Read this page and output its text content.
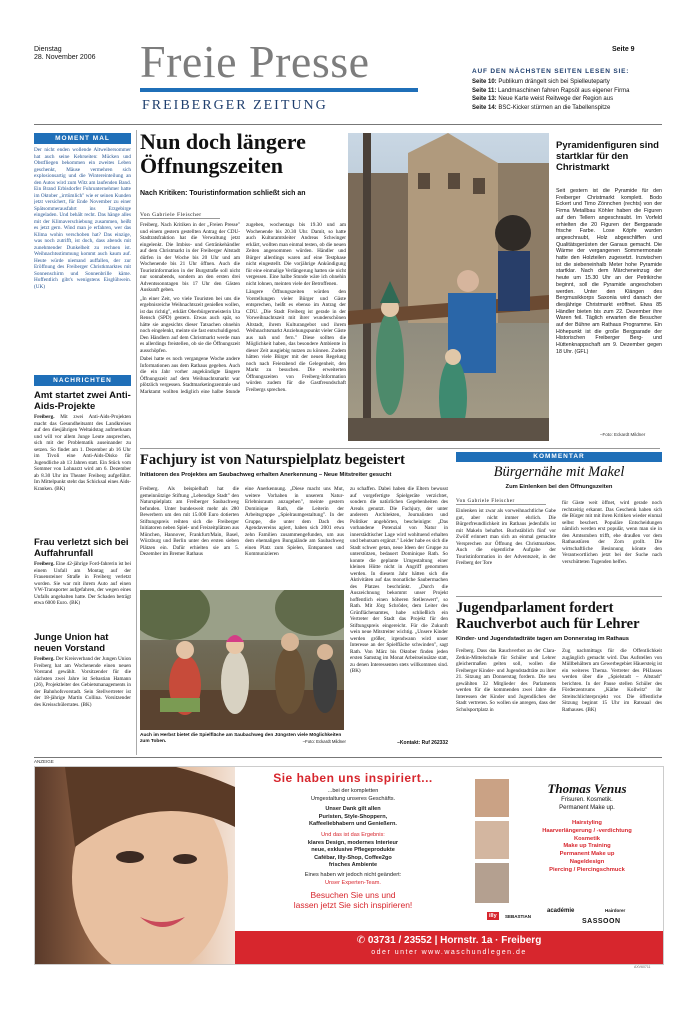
Dienstag
28. November 2006 Freie Presse
FREIBERGER ZEITUNG
Seite 9
AUF DEN NÄCHSTEN SEITEN LESEN SIE:
Seite 10: Publikum drängelt sich bei Spielleuteparty
Seite 11: Landmaschinen fahren Rapsöl aus eigener Firma
Seite 13: Neue Karte weist Reitwege der Region aus
Seite 14: BSC-Kicker stürmen an die Tabellenspitze
MOMENT MAL

Der nicht enden wollende Altweibersommer hat auch seine Kehrseiten: Mücken und Obstfliegen bekommen ein zweites Leben geschenkt, Mäuse vermehren sich explosionsartig und die Wintereinteilung an den Autos wird zum Witz am laufenden Band. Ein Brand Erbisdorfer Fuhrunternehmer hatte im Oktober „irrtümlich" wie er seinen Kunden jetzt versichert, für Ende November zu einer Spätsommerausfahrt ins Erzgebirge eingeladen. Und behält recht. Das hänge alles mit der Klimaverschiebung zusammen, heißt es jetzt gern. Wind man je erfahren, wer das Klima wohin verschoben hat? Das einzige, was noch zutrifft, ist doch, dass abends mit zunehmender Dunkelheit zu rechnen ist. Weihnachtsstimmung kommt auch kaum auf. Heute würde niemand auffallen, der zur Eröffnung des Freiberger Christkmarktes mit Sonnenschirm und Sonnenbrille käme. Hoffentlich gibt's wenigstens Eisglühwein. (UK)

NACHRICHTEN
Amt startet zwei Anti-Aids-Projekte

Freiberg. Mit zwei Anti-Aids-Projekten macht das Gesundheitsamt des Landkreises auf den diesjährigen Weltaidstag aufmerksam und will vor allem Junge Leute ansprechen, sich mit der Problematik auseinander zu setzen. So findet am 1. Dezember ab 16 Uhr im Tivoli eine Anti-Aids-Disko für Jugendliche ab 13 Jahren statt. Ein Stück vom Sommer von Lohnarzt wird am 6. Dezember ab 8.30 Uhr im Theater Freiberg aufgeführt. Im Mittelpunkt steht das Schicksal eines Aids-Kranken. (BK)

Frau verletzt sich bei Auffahrunfall

Freiberg. Eine 42-jährige Ford-fahrerin ist bei einem Unfall am Montag auf der Frauensteiner Straße in Freiberg verletzt worden. Sie war mit ihrem Auto auf einen VW-Transporter aufgefahren, der wegen eines Unfalls angehalten hatte. Der Schaden beträgt etwa 6000 Euro. (BK)

Junge Union hat neuen Vorstand

Freiberg. Der Kreisverband der Jungen Union Freiberg hat am Wochenende einen neuen Vorstand gewählt. Vorsitzender für die nächsten zwei Jahre ist Sebastian Hamann (26), Projektleiter des Gebietsmanagements in der Bahnhofsvorstadt. Sein Stellvertreter ist der 18-jährige Martin Collina. Vorsitzender des Kreisschülerrates. (BK)

Nun doch längere Öffnungszeiten
Nach Kritiken: Touristinformation schließt sich an
Von Gabriele Fleischer

Freiberg. Nach Kritiken in der „Freien Presse" und einem gestern gestellten Antrag der CDU-Stadtratsfraktion hat die Verwaltung jetzt eingelenkt. Die Imbiss- und Getränkehändler auf dem Christmarkt in der Freiberger Altstadt dürfen in der Woche bis 20 Uhr und am Wochenende bis 21 Uhr öffnen. Auch die Touristinformation in der Burgstraße soll nicht nur sonnabends, sondern an den ersten drei Adventssonntagen bis 17 Uhr den Gästen Auskunft geben.

„In einer Zeit, wo viele Touristen bei uns die ergebnisreiche Weihnachtszeit genießen wollen, ist das richtig", erklärt Oberbürgermeisterin Uta Rensch (SPD) gestern. Etwas auch spät, so hätte sie angesichts dieser Tatsachen ohnehin noch eingelenkt, meinte sie fast entschuldigend. Den Händlern auf dem Christmarkt werde man es allerdings freistellen, ob sie die Öffnungszeit ausschöpfen.

Dabei hatte es noch vergangene Woche andere Informationen aus dem Rathaus gegeben. Auch die ein Jahr vorher angekündigte längere Öffnungszeit auf dem Weihnachtsmarkt war plötzlich vergessen. Stadtmarketingzentrale und Marktamt wollten lediglich eine halbe Stunde zugeben, wochentags bis 19.30 und am Wochenende bis 20.30 Uhr. Damit, so hatte auch Kulturamtsleiter Andreas Schwinger erklärt, wollten man einmal testen, ob die neuen Zeiten angenommen würden. Händler und Bürger allerdings waren auf eine Testphase nicht eingestellt. Die vorjährige Ankündigung für eine einmalige Verlängerung hatten sie nicht vergessen. Eine halbe Stunde wäre ich ohnehin nicht lohnen, meinten viele der Betroffenen.

Längere Öffnungszeiten würden den Vorstellungen vieler Bürger und Gäste entsprechen, heißt es ebenso im Antrag der CDU. „Die Stadt Freiberg ist gerade in der Vorweihnachtszeit mit ihrer wunderschönen Altstadt, ihrem Kulturangebot und ihrem Weihnachtsmarkt Anziehungspunkt vieler Gäste aus nah und fern." Diese sollten die Möglichkeit haben, das besondere Ambiente in dieser Zeit ausgiebig nutzen zu können. Zudem hätten viele Bürger mit der neuen Regelung noch nach Feierabend die Gelegenheit, den Markt zu besuchen. Die erweiterten Öffnungszeiten von Freiberg-Information würden zudem für die Gastfreundschaft Freibergs sprechen.

Pyramidenfiguren sind startklar für den Christmarkt

Seit gestern ist die Pyramide für den Freiberger Christmarkt komplett. Bodo Eckert und Timo Zönnchen (rechts) von der Firma Metallbau Köhler haben die Figuren auf den Tellern angeschraubt. Im Vorfeld erhielten die 20 Figuren der Bergparade frische Farbe. Lose Köpfe wurden angeschraubt, Holz abgeschliffen und Qualitätsgerüsten der Garaus gemacht. Die Wärme der vergangenen Sommermonate hatte den Holzteilen zugesetzt. Inzwischen ist die siebeneinhalb Meter hohe Pyramide startklar. Nach dem Märcheneinzug der heute um 15.30 Uhr an der Petrikirche beginnt, soll die Pyramide angeschoben werden. Unter den Klängen des Bergmusikkorps Saxonia wird danach der diesjährige Christmarkt eröffnet. Etwa 85 Händler bieten bis zum 22. Dezember ihre Waren feil. Täglich erwarten die Besucher auf der Bühne am Rathaus Programme. Ein Höhepunkt ist die große Bergparade der Historischen Freiberger Berg- und Hüttenknappschaft am 9. Dezember gegen 18 Uhr. (GFL)

–Foto: Eckardt Mildner
Fachjury ist von Naturspielplatz begeistert
Initiatoren des Projektes am Saubachweg erhalten Anerkennung – Neue Mitstreiter gesucht

Freiberg. Als beispielhaft hat die gemeinnützige Stiftung „Lebendige Stadt" den Naturspielplatz am Freiberger Saubachweg befunden. Unter bundesweit mehr als 280 Bewerbern um den mit 15.000 Euro dotierten Stiftungspreis reihten sich die Freiberger Initiatoren neben Spiel- und Freizeitplätzen aus München, Hannover, Frankfurt/Main, Basel, Würzburg und Berlin unter den ersten sieben Plätzen ein. Dafür erhielten sie am 5. Dezember im Bremer Rathaus

eine Anerkennung. „Diese macht uns Mut, weitere Vorhaben in unserem Natur-Erlebnisraum anzugehen", meinte gestern Dominique Rath, die Leiterin der Arbeitsgruppe „Spielraumgestaltung". In der Gruppe, die unter dem Dach des Agendavereins agiert, haben sich 2001 etwa zehn Familien zusammengefunden, um aus dem ehemaligen Bungalände am Saubachweg einen Platz zum Spielen, Entspannen und Kommunizieren

zu schaffen. Dabei haben die Eltern bewusst auf vorgefertigte Spielgeräte verzichtet, sondern die natürlichen Gegebenheiten des Areals genutzt. Die Fachjury, der unter anderem Architekten, Journalisten und Politiker angehörten, bescheinigte: „Das vorhandene Potenzial von Natur in innerstädtischer Lage wird wohltuend erhalten und behutsam ergänzt." Leider habe es sich die Stadt schwer getan, neue Ideen der Gruppe zu unterstützen, bedauert Dominique Rath. So konnte die geplante Umgestaltung einer kleinen Hütte nicht in Angriff genommen werden. In diesem Jahr hätten sich die Aktivitäten auf das monatliche Saubermachen des Platzes beschränkt. „Durch die Auszeichnung bekommt unser Projekt hoffentlich einen höheren Stellenwert", so Rath. Mit Jörg Schröder, dem Leiter des Grünflächenamtes, habe schließlich ein Vertreter der Stadt das Projekt für den Stiftungspreis eingereicht. Für die Zukunft wein neue Mitstreiter wichtig. „Unsere Kinder werden größer, irgendwann wird unser Interesse an der Spielfläche schwinden", sagt Rath. Von März bis Oktober finden jeden ersten Samstag im Monat Arbeitseinsätze statt, zu denen Interessenten stets willkommen sind. (BK)

–Kontakt: Ruf 262332
Auch im Herbst bietet die Spielfläche am Saubachweg den Jüngsten viele Möglichkeiten zum Toben.	–Foto: Eckardt Mildner
KOMMENTAR
Bürgernähe mit Makel
Zum Einlenken bei den Öffnungszeiten
Von Gabriele Fleischer

Einlenken ist zwar als vorweihnachtliche Gabe gut, aber nicht immer ehrlich. Die Bürgerfreundlichkeit im Rathaus jedenfalls ist mit Makeln behaftet. Buchstäblich fünf vor Zwölf erinnert man sich an einmal gemachte Versprechen zur Öffnung des Christmarktes. Auch die eigentliche Aufgabe der Touristinformation in der Adventszeit, in der Freiberg der Tore

für Gäste weit öffnet, wird gerade noch rechtzeitig erkannt. Das Geschenk haben sich die Bürger mit mit ihren Kritiken wieder einmal selbst beschert. Populäre Entscheidungen nämlich werden erst populär, wenn man sie in den Amtsstuben trifft, ehe draußen vor dem Rathaustüren der Zorn grollt. Die wirtschaftliche Besinnung könnte den Verantwortlichen jetzt bei der Suche nach verschütteten Tugenden helfen.

Jugendparlament fordert Rauchverbot auch für Lehrer
Kinder- und Jugendstadträte tagen am Donnerstag im Rathaus

Freiberg. Dass das Rauchverbot an der Clara-Zetkin-Mittelschule für Schüler und Lehrer gleichermaßen gelten soll, wollen die Freiberger Kinder- und Jugendstadträte zu ihrer 21. Sitzung am Donnerstag fordern. Die neu gewählten 32 Mitglieder des Parlaments werden für die kommenden zwei Jahre die Interessen der Kinder und Jugendlichen der Stadt vertreten. So wollen sie anregen, dass der Schulsportplatz in

Zug nachmittags für die Öffentlichkeit zugänglich gemacht wird. Das Aufstellen von Müllbehältern am Gewerbegebiet Häuersteig ist ein weiteres Thema. Vertreter des PHJasses werden über die „Spielstadt – Altstadt" berichten. In der Pause stellen Schüler des Förderzentrums „Käthe Kollwitz" ihr Streitschlichterprojekt vor. Die öffentliche Sitzung beginnt 15 Uhr im Ratssaal des Rathauses. (BK)

ANZEIGE
Sie haben uns inspiriert...
...bei der kompletten
Umgestaltung unseres Geschäfts.
Unser Dank gilt allen
Puristen, Style-Shoppern,
Kaffeeliebhabern und Genießern.
Und das ist das Ergebnis:
klares Design, modernes Interieur
neue, exklusive Pflegeprodukte
Cafébar, Illy-Shop, Coffee2go
frisches Ambiente
Eines haben wir jedoch nicht geändert:
Unser Experten-Team.
Besuchen Sie uns und
lassen jetzt Sie sich inspirieren!
✆ 03731 / 23552 | Hornstr. 1a · Freiberg
oder unter www.waschundlegen.de
Thomas Venus
Frisuren. Kosmetik.
Permanent Make up.
Hairstyling
Haarverlängerung / -verdichtung
Kosmetik
Make up Training
Permanent Make up
Nageldesign
Piercing / Piercingschmuck
illy	SEBASTIAN
académie	Hairdorer
SASSOON
AXV60711
